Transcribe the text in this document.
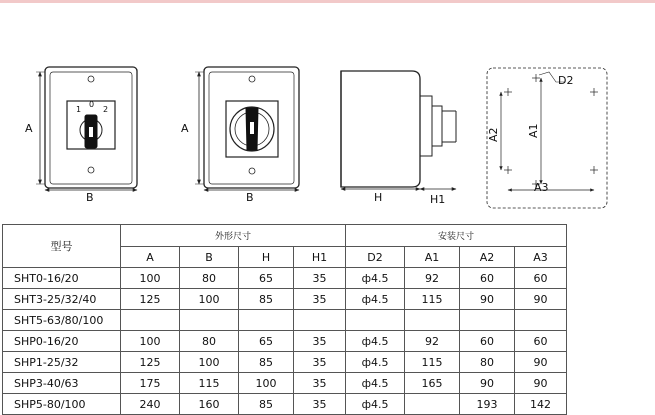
A
B
1
0
2
A
B	H	H1
D2
A2 A1
A3
型号	外形尺寸				安装尺寸			
	A	B	H	H1	D2	A1	A2	A3
SHT0-16/20	100	80	65	35	ф4.5	92	60	60
SHT3-25/32/40	125	100	85	35	ф4.5	115	90	90
SHT5-63/80/100								
SHP0-16/20	100	80	65	35	ф4.5	92	60	60
SHP1-25/32	125	100	85	35	ф4.5	115	80	90
SHP3-40/63	175	115	100	35	ф4.5	165	90	90
SHP5-80/100	240	160	85	35	ф4.5		193	142
